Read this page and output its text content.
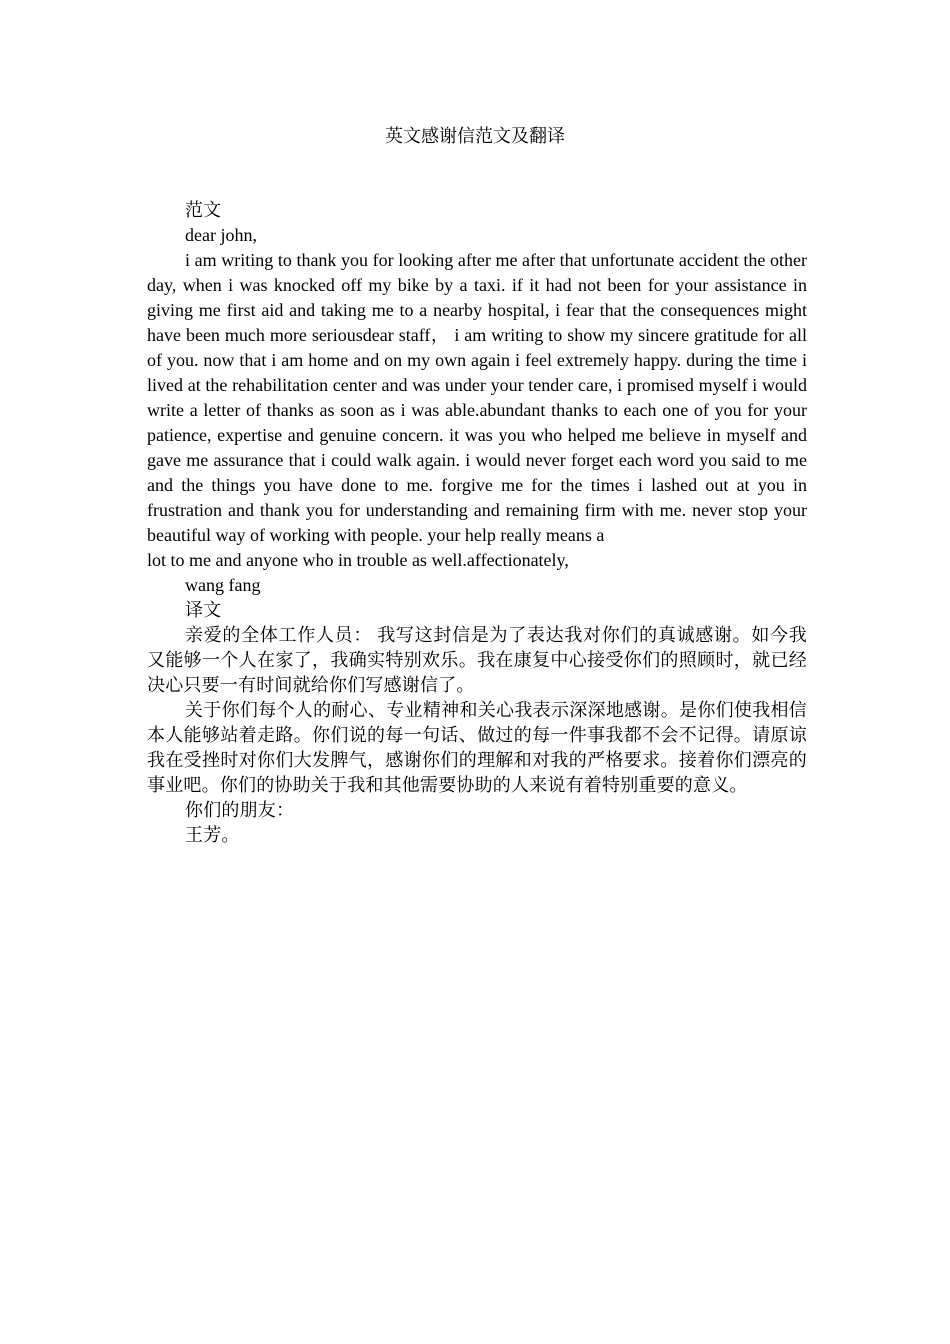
英文感谢信范文及翻译

范文

dear john,

i am writing to thank you for looking after me after that unfortunate accident the other day, when i was knocked off my bike by a taxi. if it had not been for your assistance in giving me first aid and taking me to a nearby hospital, i fear that the consequences might have been much more seriousdear staff， i am writing to show my sincere gratitude for all of you. now that i am home and on my own again i feel extremely happy. during the time i lived at the rehabilitation center and was under your tender care, i promised myself i would write a letter of thanks as soon as i was able.abundant thanks to each one of you for your patience, expertise and genuine concern. it was you who helped me believe in myself and gave me assurance that i could walk again. i would never forget each word you said to me and the things you have done to me. forgive me for the times i lashed out at you in frustration and thank you for understanding and remaining firm with me. never stop your beautiful way of working with people. your help really means a

lot to me and anyone who in trouble as well.affectionately,

wang fang

译文

亲爱的全体工作人员： 我写这封信是为了表达我对你们的真诚感谢。如今我又能够一个人在家了，我确实特别欢乐。我在康复中心接受你们的照顾时，就已经决心只要一有时间就给你们写感谢信了。

关于你们每个人的耐心、专业精神和关心我表示深深地感谢。是你们使我相信本人能够站着走路。你们说的每一句话、做过的每一件事我都不会不记得。请原谅我在受挫时对你们大发脾气，感谢你们的理解和对我的严格要求。接着你们漂亮的事业吧。你们的协助关于我和其他需要协助的人来说有着特别重要的意义。

你们的朋友：

王芳。
